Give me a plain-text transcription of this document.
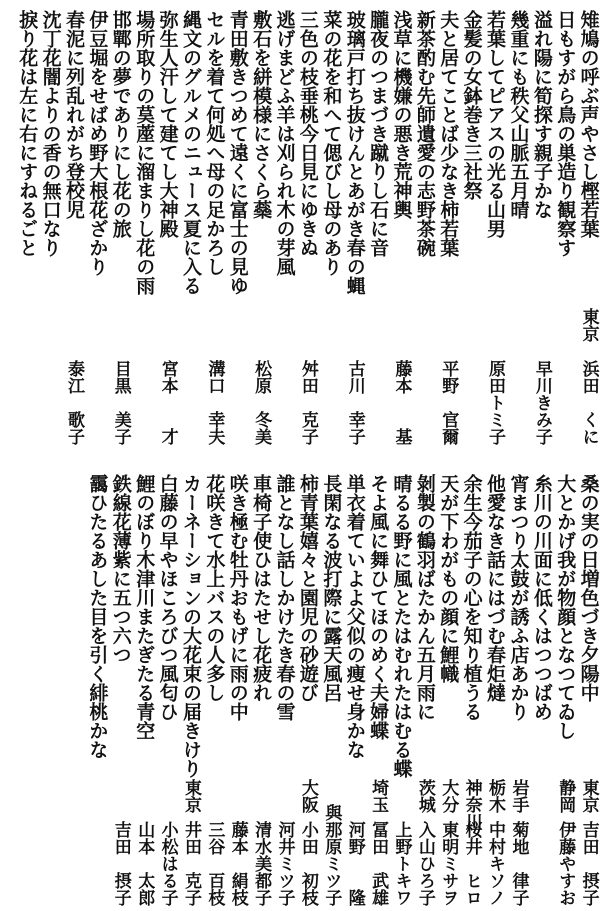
雉鳩の呼ぶ声やさし樫若葉
東京
浜田　くに
日もすがら鳥の巣造り観察す
溢れ陽に筍探す親子かな
早川きみ子
幾重にも秩父山脈五月晴
若葉してピアスの光る山男
原田トミ子
金髪の女鉢巻き三社祭
夫と居てことば少なき柿若葉
平野　官爾
新茶酌む先師遺愛の志野茶碗
浅草に機嫌の悪き荒神輿
藤本　　基
朧夜のつまづき蹴りし石に音
玻璃戸打ち抜けんとあがき春の蝿
古川　幸子
菜の花を和へて偲びし母のあり
三色の枝垂桃今日見にゆきぬ
舛田　克子
逃げまどふ羊は刈られ木の芽風
敷石を絣模様にさくら蘂
松原　冬美
青田敷きつめて遠くに富士の見ゆ
セルを着て何処へ母の足かろし
溝口　幸夫
縄文のグルメのニュース夏に入る
弥生人汗して建てし大神殿
宮本　　才
場所取りの茣蓙に溜まりし花の雨
邯鄲の夢でありにし花の旅
目黒　美子
伊豆堀をせばめ野大根花ざかり
春泥に列乱れがち登校児
泰江　歌子
沈丁花闇よりの香の無口なり
捩り花は左に右にすねるごと
桑の実の日増色づき夕陽中
東京
吉田　摂子
大とかげ我が物顔となつてゐし
静岡
伊藤やすお
糸川の川面に低くはつつばめ
宵まつり太鼓が誘ふ店あかり
岩手
菊地　律子
他愛なき話にはづむ春炬燵
栃木
中村キソノ
余生今茄子の心を知り植うる
神奈川
桜井　ヒロ
天が下わがもの顔に鯉幟
大分
東明ミサヲ
剝製の鶴羽ばたかん五月雨に
茨城
入山ひろ子
晴るる野に風とたはむれたはむる蝶
上野トキワ
そよ風に舞ひてほのめく夫婦蝶
埼玉
冨田　武雄
単衣着ていよよ父似の痩せ身かな
河野　　隆
長閑なる波打際に露天風呂
與那原ミツ子
柿青葉嬉々と園児の砂遊び
大阪
小田　初枝
誰となし話しかけたき春の雪
河井ミツ子
車椅子使ひはたせし花疲れ
清水美都子
咲き極む牡丹おもげに雨の中
藤本　絹枝
花咲きて水上バスの人多し
三谷　百枝
カーネーションの大花束の届きけり
東京
井田　克子
白藤の早やほころびつ風匂ひ
小松はる子
鯉のぼり木津川またぎたる青空
山本　太郎
鉄線花薄紫に五つ六つ
吉田　摂子
靄ひたるあした目を引く緋桃かな
